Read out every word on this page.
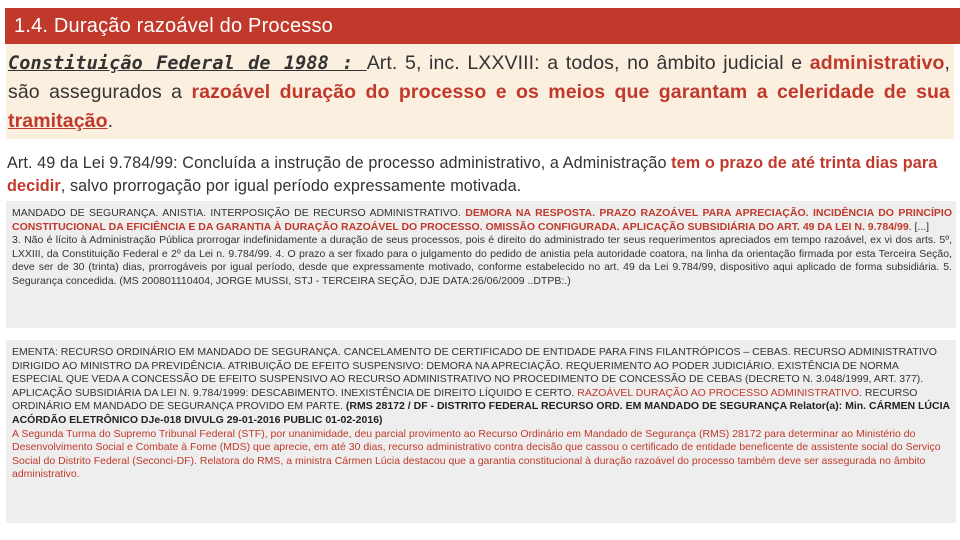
1.4. Duração razoável do Processo

Constituição Federal de 1988 : Art. 5, inc. LXXVIII: a todos, no âmbito judicial e administrativo, são assegurados a razoável duração do processo e os meios que garantam a celeridade de sua tramitação.

Art. 49 da Lei 9.784/99: Concluída a instrução de processo administrativo, a Administração tem o prazo de até trinta dias para decidir, salvo prorrogação por igual período expressamente motivada.

MANDADO DE SEGURANÇA. ANISTIA. INTERPOSIÇÃO DE RECURSO ADMINISTRATIVO. DEMORA NA RESPOSTA. PRAZO RAZOÁVEL PARA APRECIAÇÃO. INCIDÊNCIA DO PRINCÍPIO CONSTITUCIONAL DA EFICIÊNCIA E DA GARANTIA À DURAÇÃO RAZOÁVEL DO PROCESSO. OMISSÃO CONFIGURADA. APLICAÇÃO SUBSIDIÁRIA DO ART. 49 DA LEI N. 9.784/99. [...]
3. Não é lícito à Administração Pública prorrogar indefinidamente a duração de seus processos, pois é direito do administrado ter seus requerimentos apreciados em tempo razoável, ex vi dos arts. 5º, LXXIII, da Constituição Federal e 2º da Lei n. 9.784/99. 4. O prazo a ser fixado para o julgamento do pedido de anistia pela autoridade coatora, na linha da orientação firmada por esta Terceira Seção, deve ser de 30 (trinta) dias, prorrogáveis por igual período, desde que expressamente motivado, conforme estabelecido no art. 49 da Lei 9.784/99, dispositivo aqui aplicado de forma subsidiária. 5. Segurança concedida. (MS 200801110404, JORGE MUSSI, STJ - TERCEIRA SEÇÃO, DJE DATA:26/06/2009 ..DTPB:.)

EMENTA: RECURSO ORDINÁRIO EM MANDADO DE SEGURANÇA. CANCELAMENTO DE CERTIFICADO DE ENTIDADE PARA FINS FILANTRÓPICOS – CEBAS. RECURSO ADMINISTRATIVO DIRIGIDO AO MINISTRO DA PREVIDÊNCIA. ATRIBUIÇÃO DE EFEITO SUSPENSIVO: DEMORA NA APRECIAÇÃO. REQUERIMENTO AO PODER JUDICIÁRIO. EXISTÊNCIA DE NORMA ESPECIAL QUE VEDA A CONCESSÃO DE EFEITO SUSPENSIVO AO RECURSO ADMINISTRATIVO NO PROCEDIMENTO DE CONCESSÃO DE CEBAS (DECRETO N. 3.048/1999, ART. 377). APLICAÇÃO SUBSIDIÁRIA DA LEI N. 9.784/1999: DESCABIMENTO. INEXISTÊNCIA DE DIREITO LÍQUIDO E CERTO. RAZOÁVEL DURAÇÃO AO PROCESSO ADMINISTRATIVO. RECURSO ORDINÁRIO EM MANDADO DE SEGURANÇA PROVIDO EM PARTE. (RMS 28172 / DF - DISTRITO FEDERAL RECURSO ORD. EM MANDADO DE SEGURANÇA Relator(a): Min. CÁRMEN LÚCIA ACÓRDÃO ELETRÔNICO DJe-018 DIVULG 29-01-2016 PUBLIC 01-02-2016)
A Segunda Turma do Supremo Tribunal Federal (STF), por unanimidade, deu parcial provimento ao Recurso Ordinário em Mandado de Segurança (RMS) 28172 para determinar ao Ministério do Desenvolvimento Social e Combate à Fome (MDS) que aprecie, em até 30 dias, recurso administrativo contra decisão que cassou o certificado de entidade beneficente de assistente social do Serviço Social do Distrito Federal (Seconci-DF). Relatora do RMS, a ministra Cármen Lúcia destacou que a garantia constitucional à duração razoável do processo também deve ser assegurada no âmbito administrativo.
